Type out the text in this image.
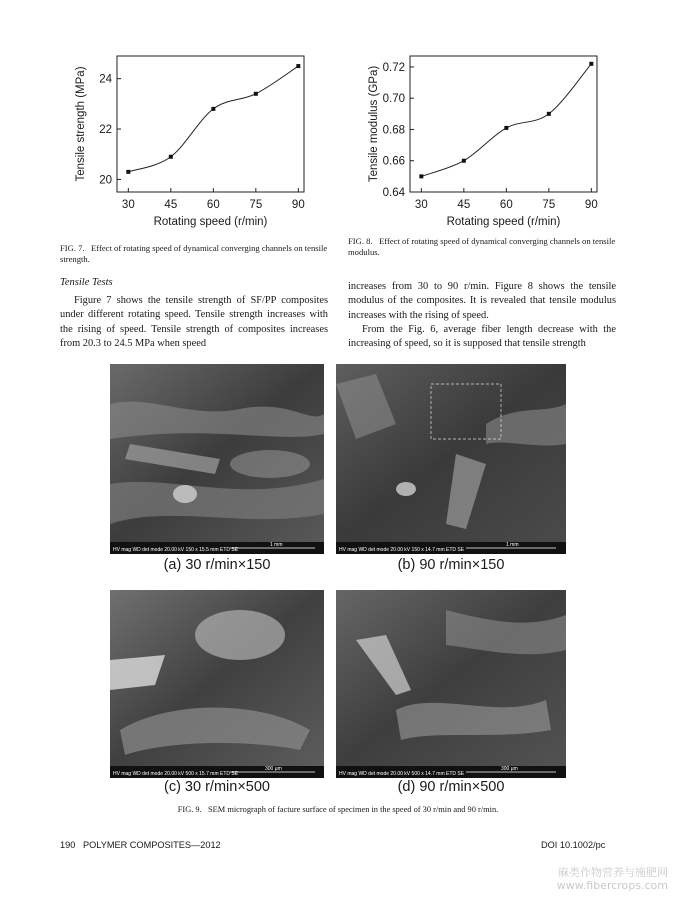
30	45	60	75	90
20
22
24
Rotating speed (r/min)
Tensile strength (MPa)
FIG. 7. Effect of rotating speed of dynamical converging channels on tensile strength.
30	45	60	75	90
0.64
0.66
0.68
0.70
0.72
Rotating speed (r/min)
Tensile modulus (GPa)
FIG. 8. Effect of rotating speed of dynamical converging channels on tensile modulus.
Tensile Tests

Figure 7 shows the tensile strength of SF/PP composites under different rotating speed. Tensile strength increases with the rising of speed. Tensile strength of composites increases from 20.3 to 24.5 MPa when speed

increases from 30 to 90 r/min. Figure 8 shows the tensile modulus of the composites. It is revealed that tensile modulus increases with the rising of speed.

From the Fig. 6, average fiber length decrease with the increasing of speed, so it is supposed that tensile strength

HV mag WD det mode 20.00 kV 150 x 15.5 mm ETD SE
1 mm
(a) 30 r/min×150
HV mag WD det mode 20.00 kV 150 x 14.7 mm ETD SE
1 mm
(b) 90 r/min×150
HV mag WD det mode 20.00 kV 500 x 15.7 mm ETD SE
300 µm
(c) 30 r/min×500
HV mag WD det mode 20.00 kV 500 x 14.7 mm ETD SE
300 µm
(d) 90 r/min×500
FIG. 9. SEM micrograph of facture surface of specimen in the speed of 30 r/min and 90 r/min.
190   POLYMER COMPOSITES—2012	DOI 10.1002/pc
麻类作物营养与施肥网
www.fibercrops.com
